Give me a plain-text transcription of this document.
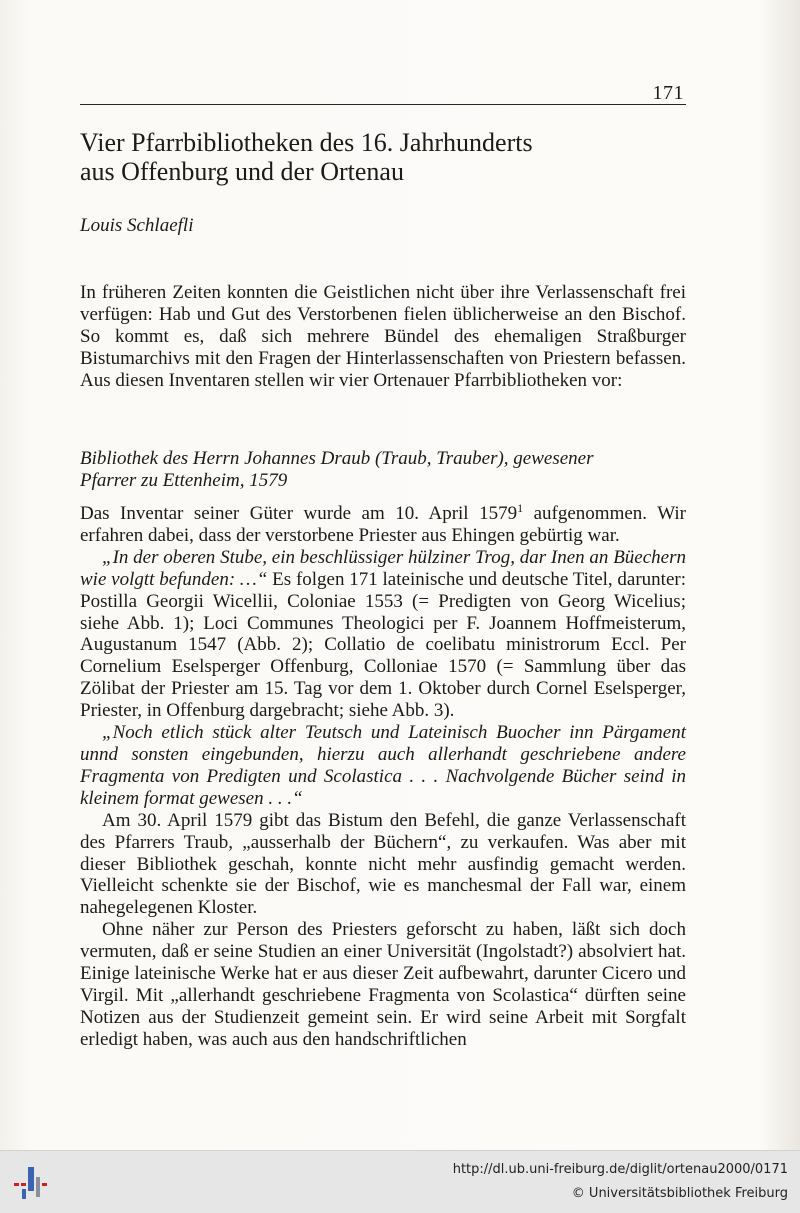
171
Vier Pfarrbibliotheken des 16. Jahrhunderts
aus Offenburg und der Ortenau
Louis Schlaefli

In früheren Zeiten konnten die Geistlichen nicht über ihre Verlassenschaft frei verfügen: Hab und Gut des Verstorbenen fielen üblicherweise an den Bischof. So kommt es, daß sich mehrere Bündel des ehemaligen Straßburger Bistumarchivs mit den Fragen der Hinterlassenschaften von Priestern befassen. Aus diesen Inventaren stellen wir vier Ortenauer Pfarrbibliotheken vor:

Bibliothek des Herrn Johannes Draub (Traub, Trauber), gewesener
Pfarrer zu Ettenheim, 1579

Das Inventar seiner Güter wurde am 10. April 1579$^1$ aufgenommen. Wir erfahren dabei, dass der verstorbene Priester aus Ehingen gebürtig war.

„In der oberen Stube, ein beschlüssiger hülziner Trog, dar Inen an Büechern wie volgtt befunden: …“ Es folgen 171 lateinische und deutsche Titel, darunter: Postilla Georgii Wicellii, Coloniae 1553 (= Predigten von Georg Wicelius; siehe Abb. 1); Loci Communes Theologici per F. Joannem Hoffmeisterum, Augustanum 1547 (Abb. 2); Collatio de coelibatu ministrorum Eccl. Per Cornelium Eselsperger Offenburg, Colloniae 1570 (= Sammlung über das Zölibat der Priester am 15. Tag vor dem 1. Oktober durch Cornel Eselsperger, Priester, in Offenburg dargebracht; siehe Abb. 3).

„Noch etlich stück alter Teutsch und Lateinisch Buocher inn Pärgament unnd sonsten eingebunden, hierzu auch allerhandt geschriebene andere Fragmenta von Predigten und Scolastica . . . Nachvolgende Bücher seind in kleinem format gewesen . . .“

Am 30. April 1579 gibt das Bistum den Befehl, die ganze Verlassenschaft des Pfarrers Traub, „ausserhalb der Büchern“, zu verkaufen. Was aber mit dieser Bibliothek geschah, konnte nicht mehr ausfindig gemacht werden. Vielleicht schenkte sie der Bischof, wie es manchesmal der Fall war, einem nahegelegenen Kloster.

Ohne näher zur Person des Priesters geforscht zu haben, läßt sich doch vermuten, daß er seine Studien an einer Universität (Ingolstadt?) absolviert hat. Einige lateinische Werke hat er aus dieser Zeit aufbewahrt, darunter Cicero und Virgil. Mit „allerhandt geschriebene Fragmenta von Scolastica“ dürften seine Notizen aus der Studienzeit gemeint sein. Er wird seine Arbeit mit Sorgfalt erledigt haben, was auch aus den handschriftlichen

http://dl.ub.uni-freiburg.de/diglit/ortenau2000/0171
© Universitätsbibliothek Freiburg
